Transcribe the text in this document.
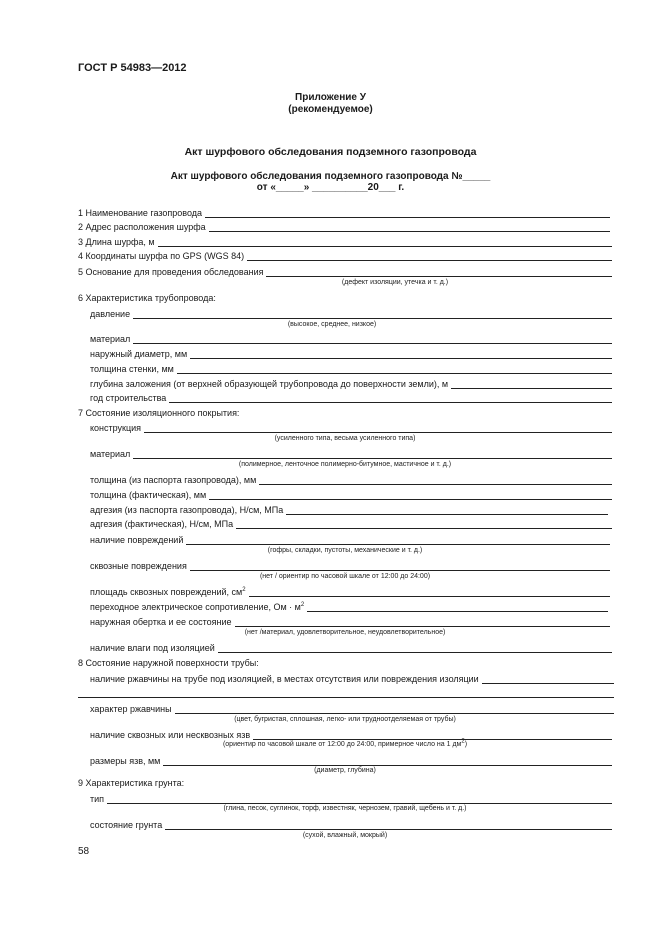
ГОСТ Р 54983—2012
Приложение У
(рекомендуемое)
Акт шурфового обследования подземного газопровода
Акт шурфового обследования подземного газопровода №_____
от «_____» __________20___ г.
1 Наименование газопровода
2 Адрес расположения шурфа
3 Длина шурфа, м
4 Координаты шурфа по GPS (WGS 84)
5 Основание для проведения обследования
(дефект изоляции, утечка и т. д.)
6 Характеристика трубопровода:
давление
(высокое, среднее, низкое)
материал
наружный диаметр, мм
толщина стенки, мм
глубина заложения (от верхней образующей трубопровода до поверхности земли), м
год строительства
7 Состояние изоляционного покрытия:
конструкция
(усиленного типа, весьма усиленного типа)
материал
(полимерное, ленточное полимерно-битумное, мастичное и т. д.)
толщина (из паспорта газопровода), мм
толщина (фактическая), мм
адгезия (из паспорта газопровода), Н/см, МПа
адгезия (фактическая), Н/см, МПа
наличие повреждений
(гофры, складки, пустоты, механические и т. д.)
сквозные повреждения
(нет / ориентир по часовой шкале от 12:00 до 24:00)
площадь сквозных повреждений, $см^2$
переходное электрическое сопротивление, Ом · $м^2$
наружная обертка и ее состояние
(нет /материал, удовлетворительное, неудовлетворительное)
наличие влаги под изоляцией
8 Состояние наружной поверхности трубы:
наличие ржавчины на трубе под изоляцией, в местах отсутствия или повреждения изоляции
характер ржавчины
(цвет, бугристая, сплошная, легко- или трудноотделяемая от трубы)
наличие сквозных или несквозных язв
(ориентир по часовой шкале от 12:00 до 24:00, примерное число на 1 $дм^2$)
размеры язв, мм
(диаметр, глубина)
9 Характеристика грунта:
тип
(глина, песок, суглинок, торф, известняк, чернозем, гравий, щебень и т. д.)
состояние грунта
(сухой, влажный, мокрый)
58
